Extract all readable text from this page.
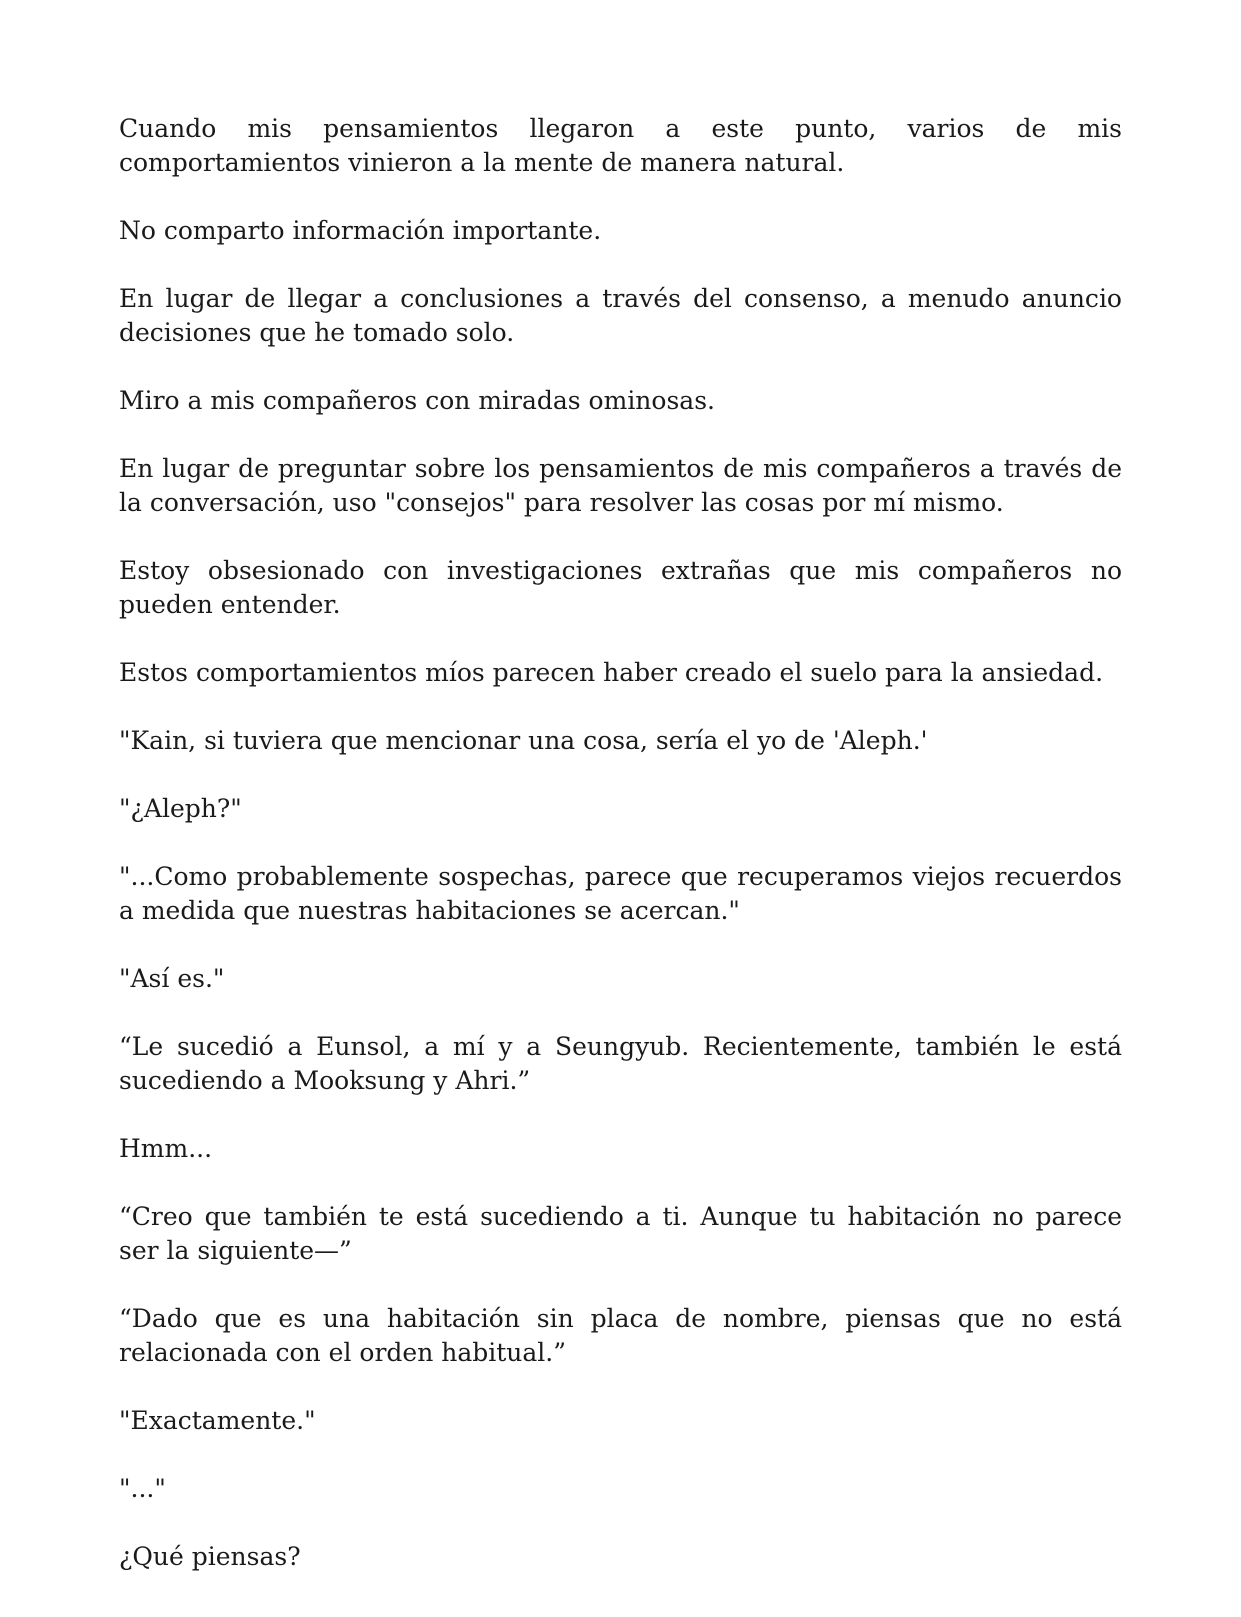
Cuando mis pensamientos llegaron a este punto, varios de mis comportamientos vinieron a la mente de manera natural.

No comparto información importante.

En lugar de llegar a conclusiones a través del consenso, a menudo anuncio decisiones que he tomado solo.

Miro a mis compañeros con miradas ominosas.

En lugar de preguntar sobre los pensamientos de mis compañeros a través de la conversación, uso "consejos" para resolver las cosas por mí mismo.

Estoy obsesionado con investigaciones extrañas que mis compañeros no pueden entender.

Estos comportamientos míos parecen haber creado el suelo para la ansiedad.

"Kain, si tuviera que mencionar una cosa, sería el yo de 'Aleph.'

"¿Aleph?"

"...Como probablemente sospechas, parece que recuperamos viejos recuerdos a medida que nuestras habitaciones se acercan."

"Así es."

“Le sucedió a Eunsol, a mí y a Seungyub. Recientemente, también le está sucediendo a Mooksung y Ahri.”

Hmm...

“Creo que también te está sucediendo a ti. Aunque tu habitación no parece ser la siguiente—”

“Dado que es una habitación sin placa de nombre, piensas que no está relacionada con el orden habitual.”

"Exactamente."

"..."

¿Qué piensas?
